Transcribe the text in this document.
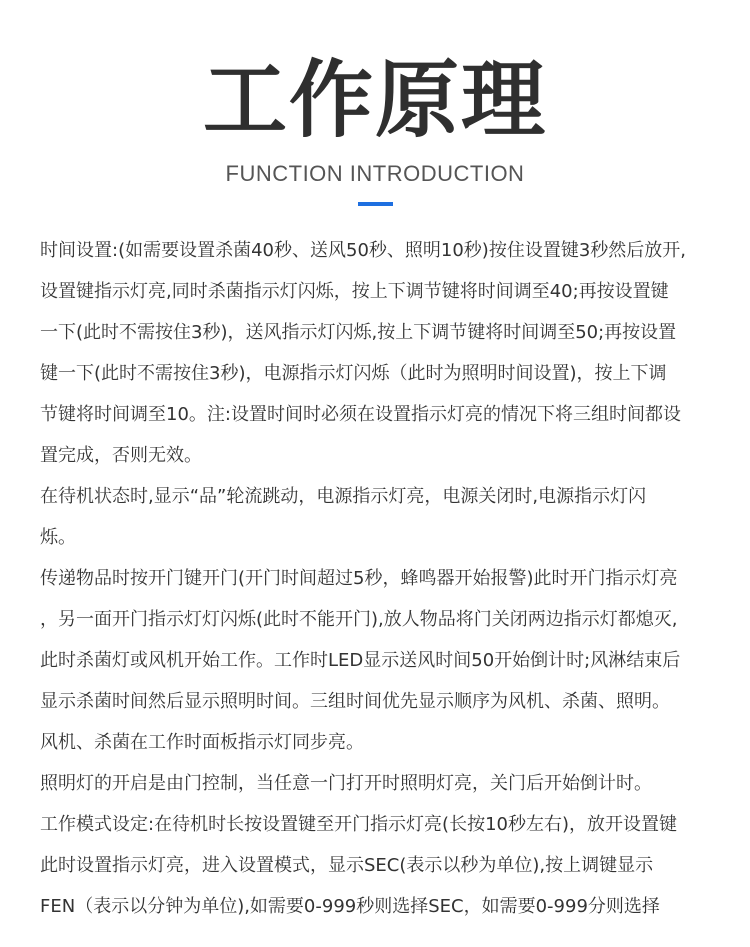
工作原理
FUNCTION INTRODUCTION

时间设置:(如需要设置杀菌40秒、送风50秒、照明10秒)按住设置键3秒然后放开,
设置键指示灯亮,同时杀菌指示灯闪烁，按上下调节键将时间调至40;再按设置键
一下(此时不需按住3秒)，送风指示灯闪烁,按上下调节键将时间调至50;再按设置
键一下(此时不需按住3秒)，电源指示灯闪烁（此时为照明时间设置)，按上下调
节键将时间调至10。注:设置时间时必须在设置指示灯亮的情况下将三组时间都设
置完成，否则无效。

在待机状态时,显示“品”轮流跳动，电源指示灯亮，电源关闭时,电源指示灯闪
烁。

传递物品时按开门键开门(开门时间超过5秒，蜂鸣器开始报警)此时开门指示灯亮
，另一面开门指示灯灯闪烁(此时不能开门),放人物品将门关闭两边指示灯都熄灭,
此时杀菌灯或风机开始工作。工作时LED显示送风时间50开始倒计时;风淋结束后
显示杀菌时间然后显示照明时间。三组时间优先显示顺序为风机、杀菌、照明。
风机、杀菌在工作时面板指示灯同步亮。

照明灯的开启是由门控制，当任意一门打开时照明灯亮，关门后开始倒计时。

工作模式设定:在待机时长按设置键至开门指示灯亮(长按10秒左右)，放开设置键
此时设置指示灯亮，进入设置模式，显示SEC(表示以秒为单位),按上调键显示
FEN（表示以分钟为单位),如需要0-999秒则选择SEC，如需要0-999分则选择
